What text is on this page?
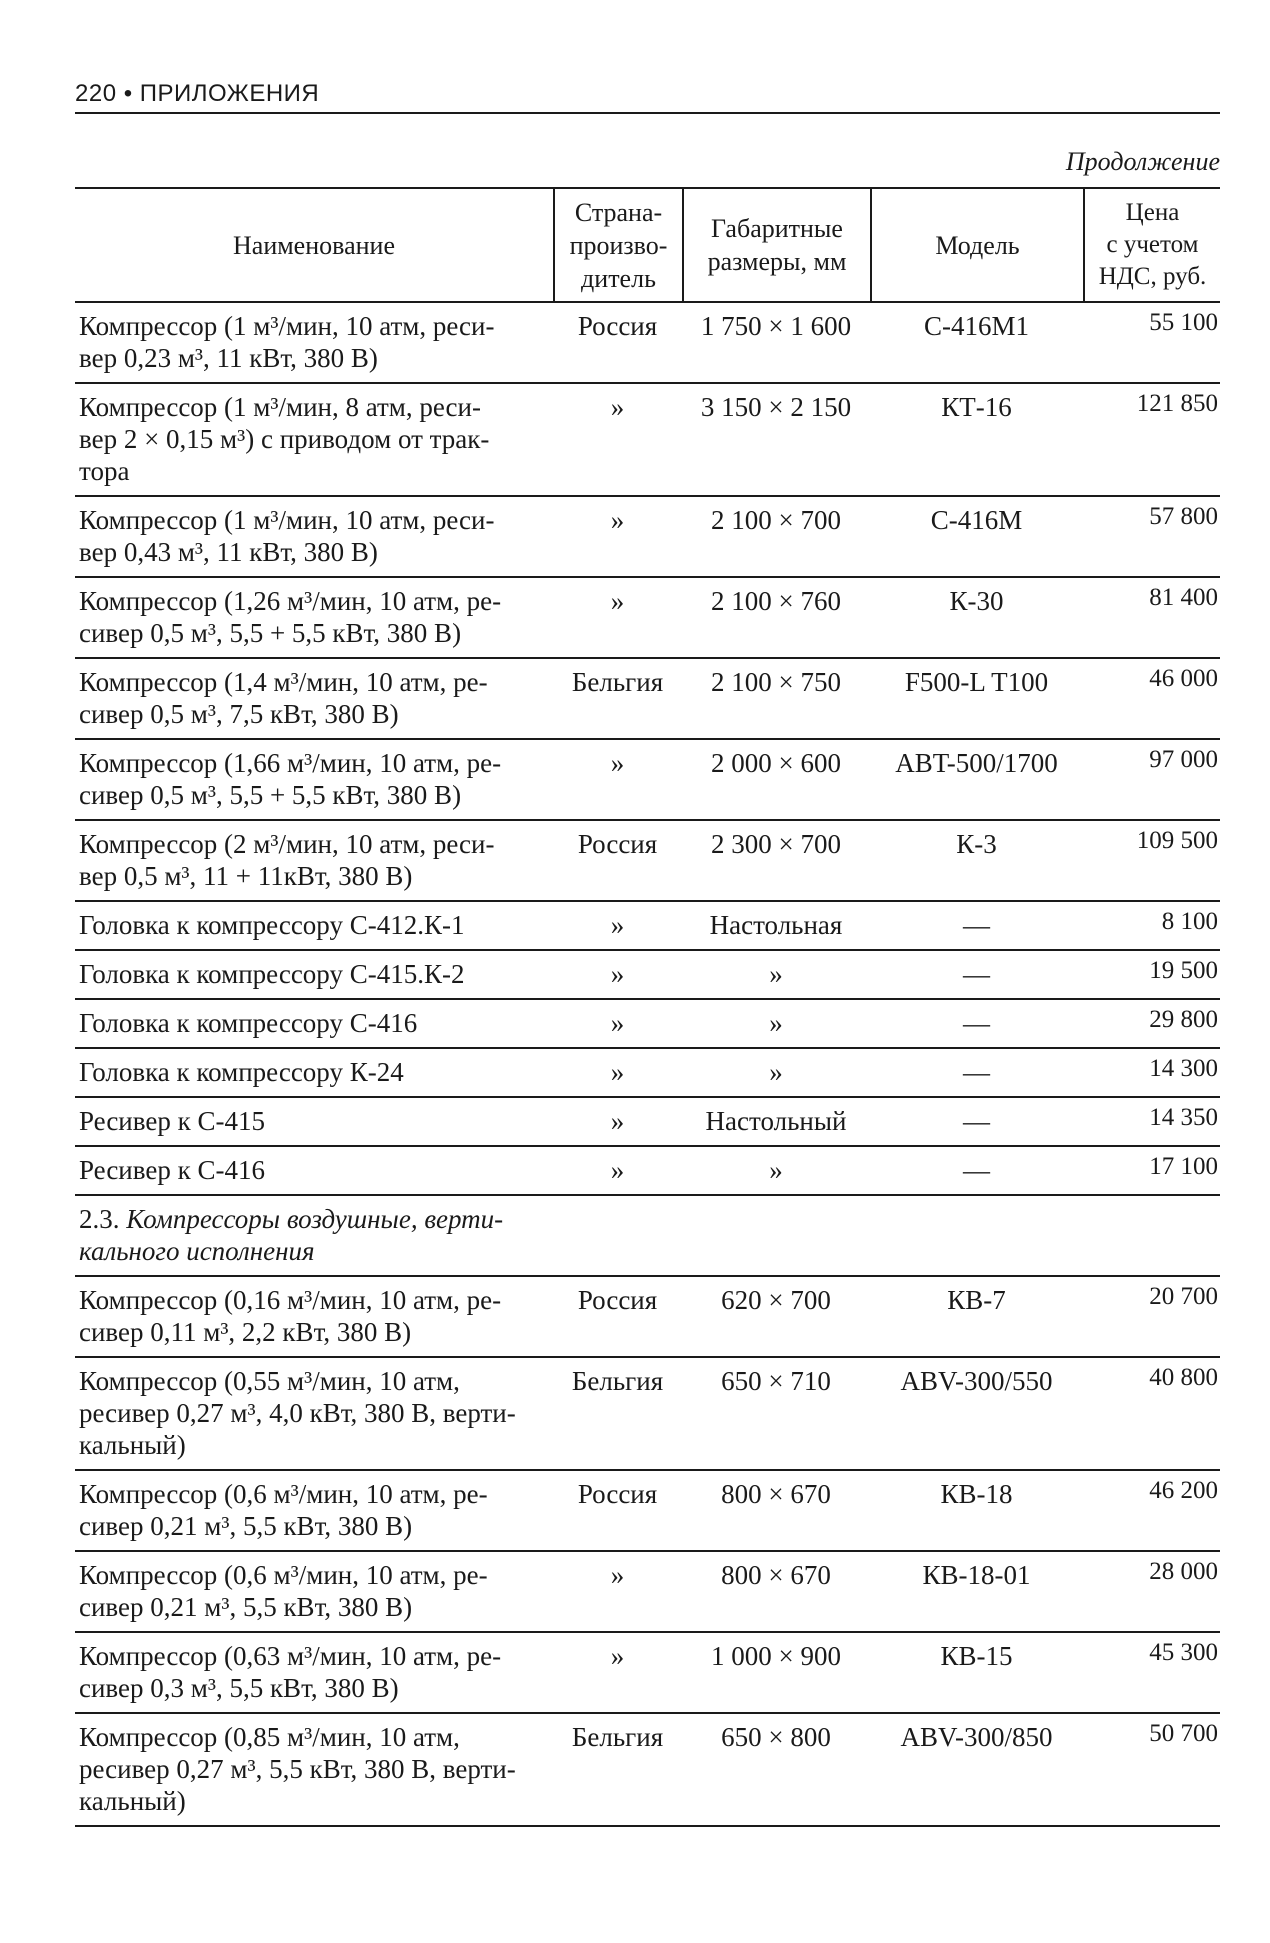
220 • ПРИЛОЖЕНИЯ
Продолжение
Наименование	Страна-
произво-
дитель	Габаритные
размеры, мм	Модель	Цена
с учетом
НДС, руб.
Компрессор (1 м³/мин, 10 атм, реси-
вер 0,23 м³, 11 кВт, 380 В)	Россия	1 750 × 1 600	С-416М1	55 100
Компрессор (1 м³/мин, 8 атм, реси-
вер 2 × 0,15 м³) с приводом от трак-
тора	»	3 150 × 2 150	КТ-16	121 850
Компрессор (1 м³/мин, 10 атм, реси-
вер 0,43 м³, 11 кВт, 380 В)	»	2 100 × 700	С-416М	57 800
Компрессор (1,26 м³/мин, 10 атм, ре-
сивер 0,5 м³, 5,5 + 5,5 кВт, 380 В)	»	2 100 × 760	К-30	81 400
Компрессор (1,4 м³/мин, 10 атм, ре-
сивер 0,5 м³, 7,5 кВт, 380 В)	Бельгия	2 100 × 750	F500-L T100	46 000
Компрессор (1,66 м³/мин, 10 атм, ре-
сивер 0,5 м³, 5,5 + 5,5 кВт, 380 В)	»	2 000 × 600	ABT-500/1700	97 000
Компрессор (2 м³/мин, 10 атм, реси-
вер 0,5 м³, 11 + 11кВт, 380 В)	Россия	2 300 × 700	К-3	109 500
Головка к компрессору С-412.К-1	»	Настольная	—	8 100
Головка к компрессору С-415.К-2	»	»	—	19 500
Головка к компрессору С-416	»	»	—	29 800
Головка к компрессору К-24	»	»	—	14 300
Ресивер к С-415	»	Настольный	—	14 350
Ресивер к С-416	»	»	—	17 100
2.3. Компрессоры воздушные, верти-
кального исполнения				
Компрессор (0,16 м³/мин, 10 атм, ре-
сивер 0,11 м³, 2,2 кВт, 380 В)	Россия	620 × 700	КВ-7	20 700
Компрессор (0,55 м³/мин, 10 атм,
ресивер 0,27 м³, 4,0 кВт, 380 В, верти-
кальный)	Бельгия	650 × 710	ABV-300/550	40 800
Компрессор (0,6 м³/мин, 10 атм, ре-
сивер 0,21 м³, 5,5 кВт, 380 В)	Россия	800 × 670	КВ-18	46 200
Компрессор (0,6 м³/мин, 10 атм, ре-
сивер 0,21 м³, 5,5 кВт, 380 В)	»	800 × 670	КВ-18-01	28 000
Компрессор (0,63 м³/мин, 10 атм, ре-
сивер 0,3 м³, 5,5 кВт, 380 В)	»	1 000 × 900	КВ-15	45 300
Компрессор (0,85 м³/мин, 10 атм,
ресивер 0,27 м³, 5,5 кВт, 380 В, верти-
кальный)	Бельгия	650 × 800	ABV-300/850	50 700
